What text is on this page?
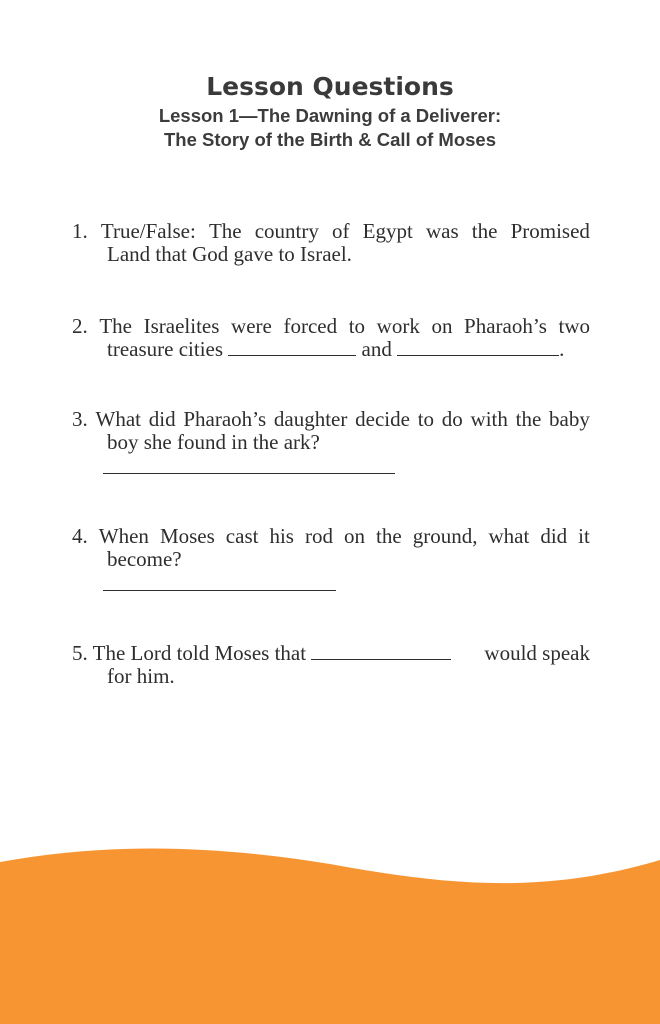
Lesson Questions
Lesson 1—The Dawning of a Deliverer:
The Story of the Birth & Call of Moses
1. True/False: The country of Egypt was the Promised
Land that God gave to Israel.
2. The Israelites were forced to work on Pharaoh’s two
treasure cities	and	.
3. What did Pharaoh’s daughter decide to do with the baby
boy she found in the ark?
4. When Moses cast his rod on the ground, what did it
become?
5. The Lord told Moses that	would speak
for him.
